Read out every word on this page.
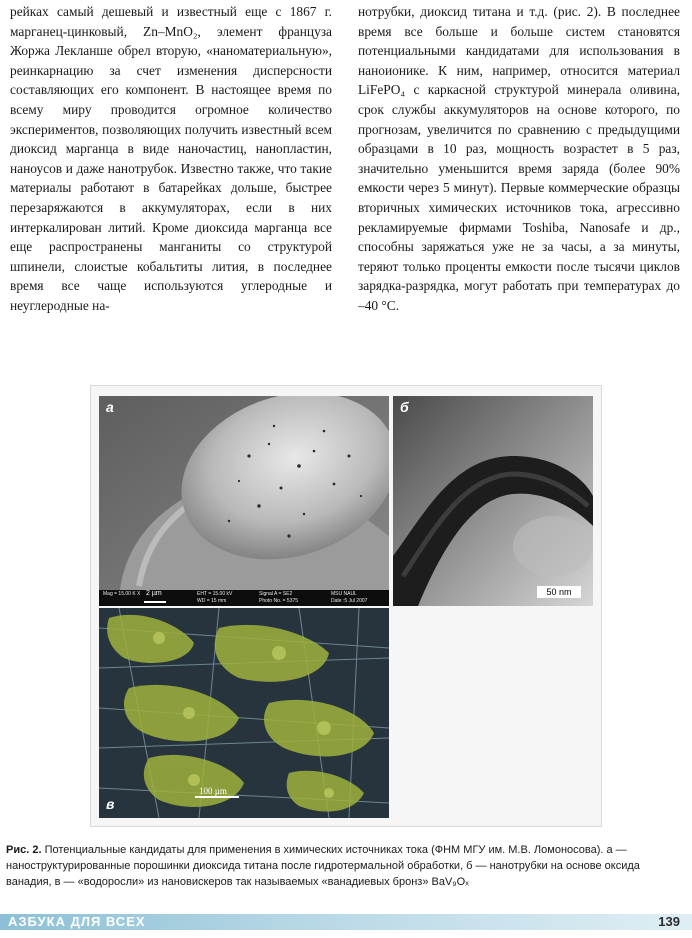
рейках самый дешевый и известный еще с 1867 г. марганец-цинковый, Zn–MnO₂, элемент француза Жоржа Лекланше обрел вторую, «наноматериальную», реинкарнацию за счет изменения дисперсности составляющих его компонент. В настоящее время по всему миру проводится огромное количество экспериментов, позволяющих получить известный всем диоксид марганца в виде наночастиц, нанопластин, наноусов и даже нанотрубок. Известно также, что такие материалы работают в батарейках дольше, быстрее перезаряжаются в аккумуляторах, если в них интеркалирован литий. Кроме диоксида марганца все еще распространены манганиты со структурой шпинели, слоистые кобальтиты лития, в последнее время все чаще используются углеродные и неуглеродные на-

нотрубки, диоксид титана и т.д. (рис. 2). В последнее время все больше и больше систем становятся потенциальными кандидатами для использования в наноионике. К ним, например, относится материал LiFePO₄ с каркасной структурой минерала оливина, срок службы аккумуляторов на основе которого, по прогнозам, увеличится по сравнению с предыдущими образцами в 10 раз, мощность возрастет в 5 раз, значительно уменьшится время заряда (более 90% емкости через 5 минут). Первые коммерческие образцы вторичных химических источников тока, агрессивно рекламируемые фирмами Toshiba, Nanosafe и др., способны заряжаться уже не за часы, а за минуты, теряют только проценты емкости после тысячи циклов зарядка-разрядка, могут работать при температурах до –40 °С.

а
Mag = 15.00 K X 2 µm	EHT = 15.00 kV
WD = 15 mm
Signal A = SE2
Photo No. = 5375
MSU NAUL
Date :5 Jul 2007
б
50 nm
в
100 µm
Рис. 2. Потенциальные кандидаты для применения в химических источниках тока (ФНМ МГУ им. М.В. Ломоносова). а — наноструктурированные порошинки диоксида титана после гидротермальной обработки, б — нанотрубки на основе оксида ванадия, в — «водоросли» из нановискеров так называемых «ванадиевых бронз» BaV₉Oₓ
АЗБУКА ДЛЯ ВСЕХ	139
